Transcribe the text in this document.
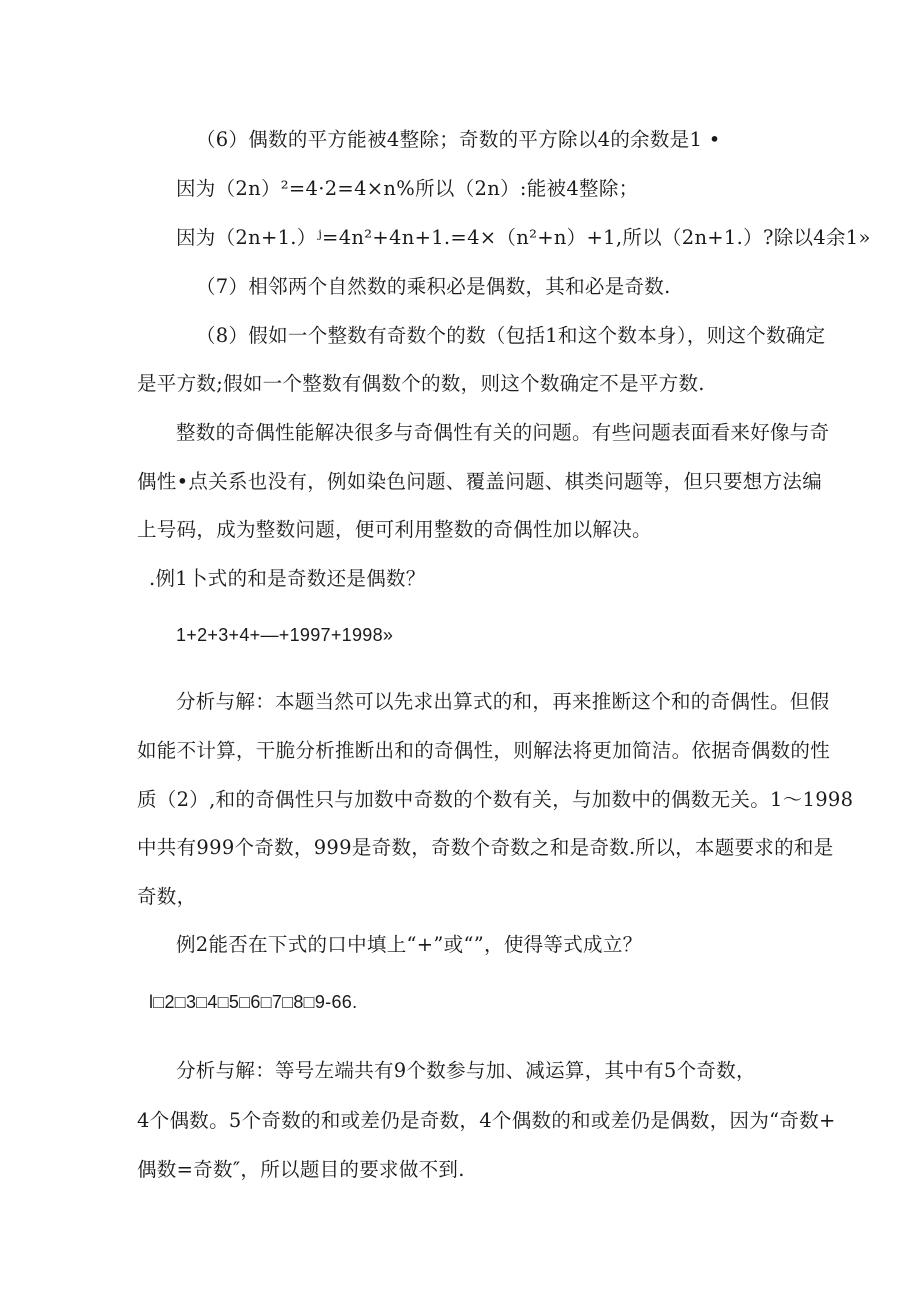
（6）偶数的平方能被4整除；奇数的平方除以4的余数是1 •
因为（2n）²=4·2=4×n%所以（2n）:能被4整除；
因为（2n+1.）ʲ=4n²+4n+1.=4×（n²+n）+1,所以（2n+1.）?除以4余1»
（7）相邻两个自然数的乘积必是偶数，其和必是奇数.
（8）假如一个整数有奇数个的数（包括1和这个数本身），则这个数确定
是平方数;假如一个整数有偶数个的数，则这个数确定不是平方数.
整数的奇偶性能解决很多与奇偶性有关的问题。有些问题表面看来好像与奇
偶性•点关系也没有，例如染色问题、覆盖问题、棋类问题等，但只要想方法编
上号码，成为整数问题，便可利用整数的奇偶性加以解决。
.例1卜式的和是奇数还是偶数？
1+2+3+4+—+1997+1998»
分析与解：本题当然可以先求出算式的和，再来推断这个和的奇偶性。但假
如能不计算，干脆分析推断出和的奇偶性，则解法将更加简洁。依据奇偶数的性
质（2）,和的奇偶性只与加数中奇数的个数有关，与加数中的偶数无关。1～1998
中共有999个奇数，999是奇数，奇数个奇数之和是奇数.所以，本题要求的和是
奇数，
例2能否在下式的口中填上“+”或“”，使得等式成立？
l□2□3□4□5□6□7□8□9-66.
分析与解：等号左端共有9个数参与加、减运算，其中有5个奇数，
4个偶数。5个奇数的和或差仍是奇数，4个偶数的和或差仍是偶数，因为“奇数+
偶数=奇数″，所以题目的要求做不到.
